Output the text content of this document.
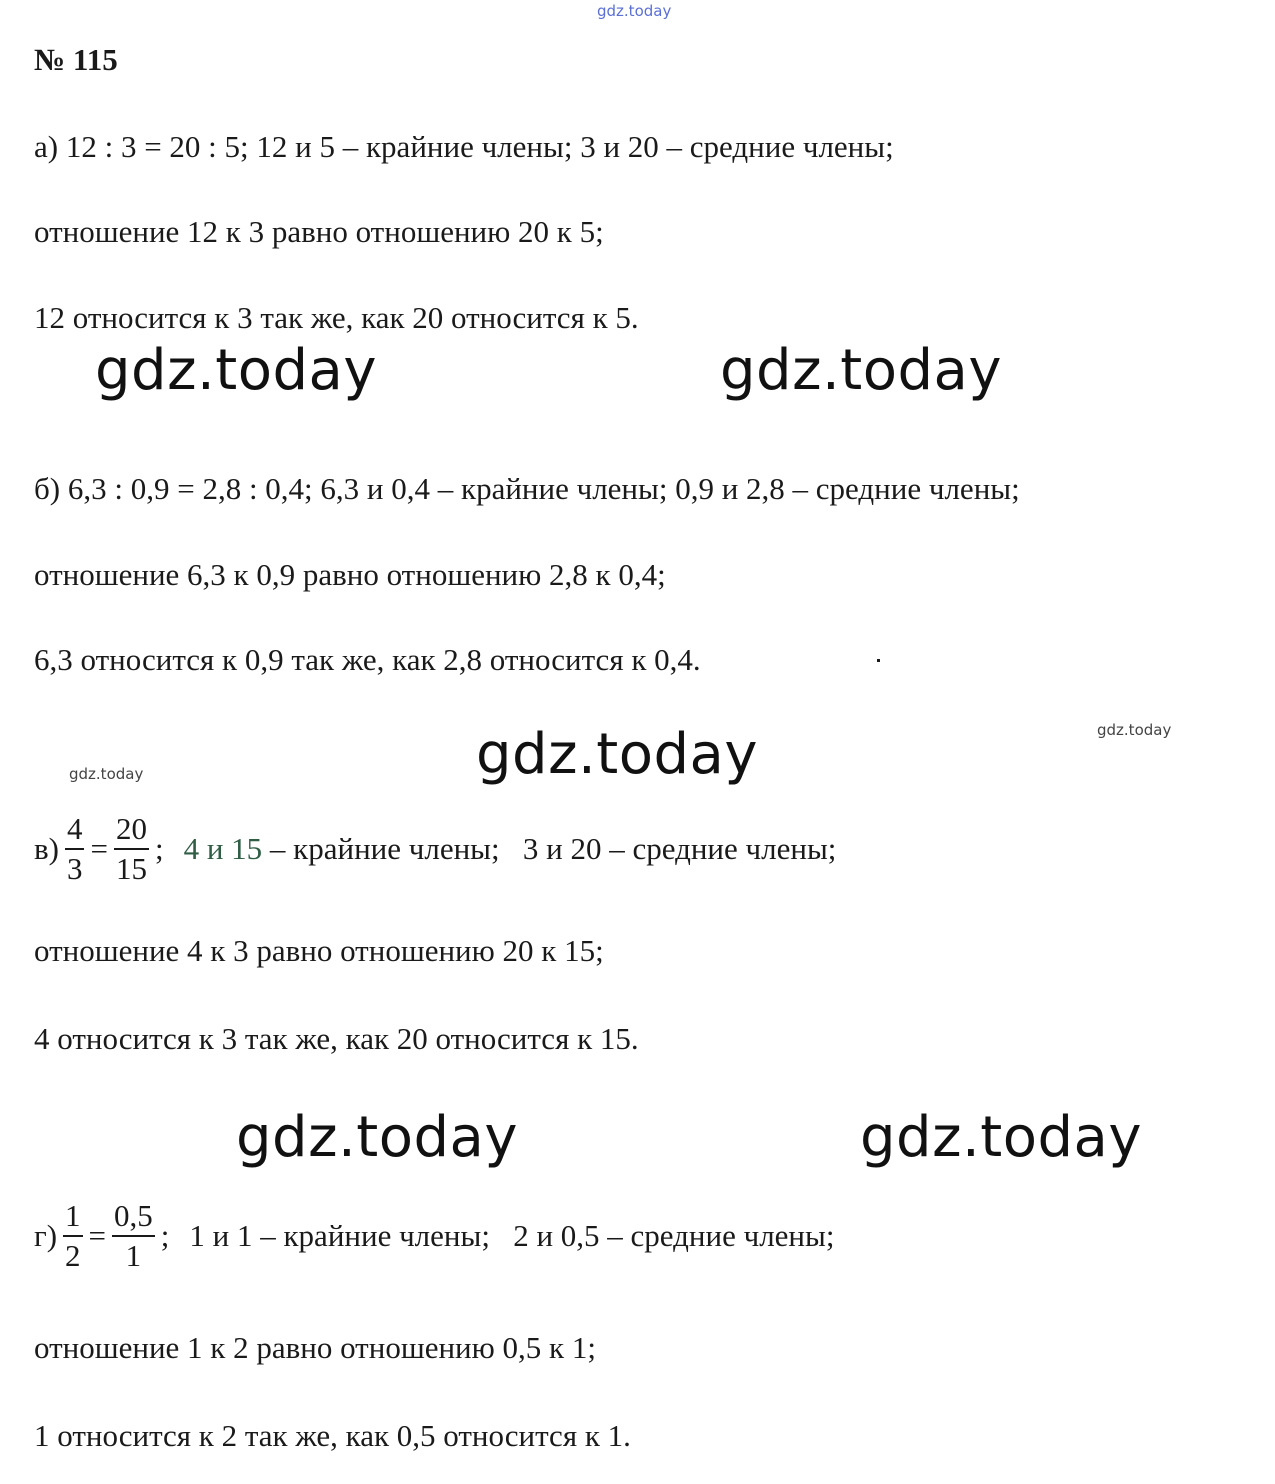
gdz.today
gdz.today	gdz.today
gdz.today
gdz.today	gdz.today
gdz.today
gdz.today
№ 115
а) 12 : 3 = 20 : 5; 12 и 5 – крайние члены; 3 и 20 – средние члены;
отношение 12 к 3 равно отношению 20 к 5;
12 относится к 3 так же, как 20 относится к 5.
б) 6,3 : 0,9 = 2,8 : 0,4; 6,3 и 0,4 – крайние члены; 0,9 и 2,8 – средние члены;
отношение 6,3 к 0,9 равно отношению 2,8 к 0,4;
6,3 относится к 0,9 так же, как 2,8 относится к 0,4.
$в) \frac{4}{3} = \frac{20}{15}$ ; 4 и 15 – крайние члены;   3 и 20 – средние члены;
отношение 4 к 3 равно отношению 20 к 15;
4 относится к 3 так же, как 20 относится к 15.
$г) \frac{1}{2} = \frac{0,5}{1}$ ; 1 и 1 – крайние члены;   2 и 0,5 – средние члены;
отношение 1 к 2 равно отношению 0,5 к 1;
1 относится к 2 так же, как 0,5 относится к 1.
